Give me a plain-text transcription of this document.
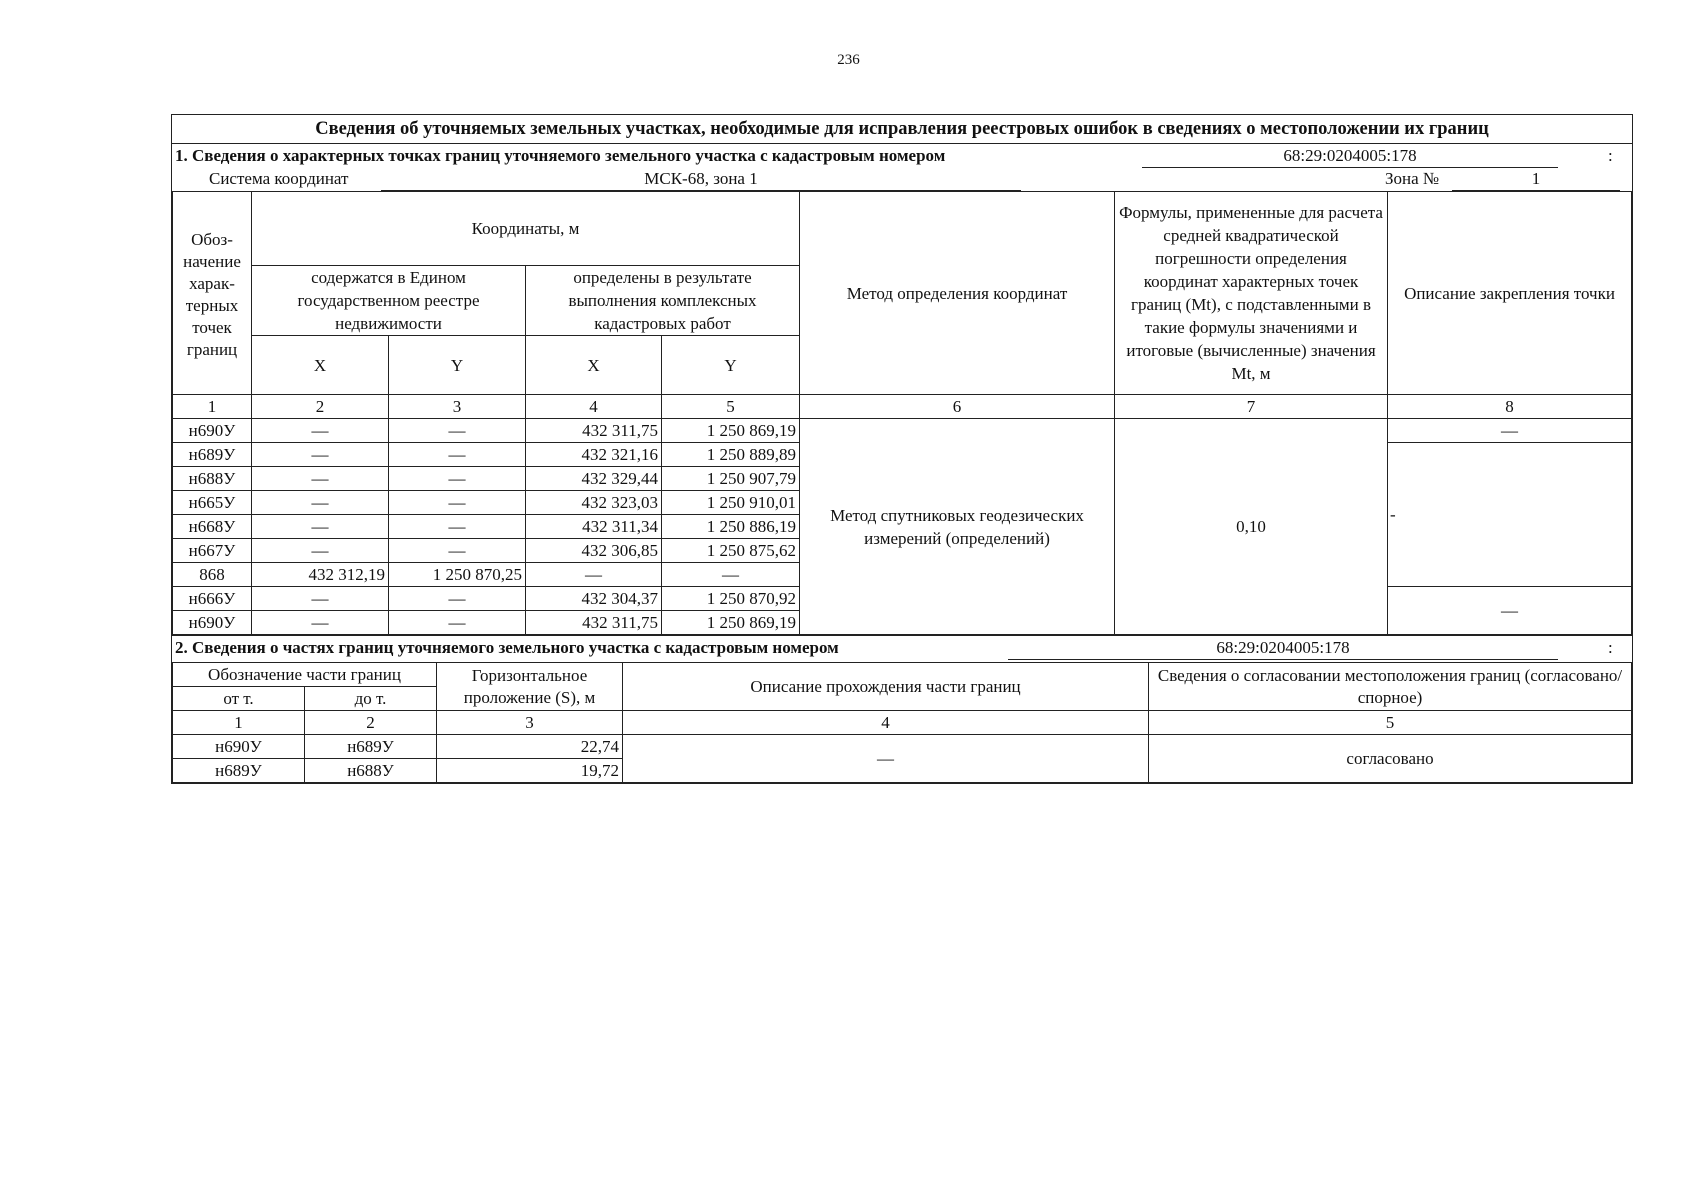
236
Сведения об уточняемых земельных участках, необходимые для исправления реестровых ошибок в сведениях о местоположении их границ
1. Сведения о характерных точках границ уточняемого земельного участка с кадастровым номером	68:29:0204005:178	:
Система координат	МСК-68, зона 1	Зона №	1
Обоз-начение харак-терных точек границ	Координаты, м				Метод определения координат	Формулы, примененные для расчета средней квадратической погрешности определения координат характерных точек границ (Mt), с подставленными в такие формулы значениями и итоговые (вычисленные) значения Mt, м	Описание закрепления точки
	содержатся в Едином государственном реестре недвижимости		определены в результате выполнения комплексных кадастровых работ				
	X	Y	X	Y			
1	2	3	4	5	6	7	8
н690У	—	—	432 311,75	1 250 869,19	Метод спутниковых геодезических измерений (определений)	0,10	—
н689У	—	—	432 321,16	1 250 889,89			-
н688У	—	—	432 329,44	1 250 907,79			
н665У	—	—	432 323,03	1 250 910,01			
н668У	—	—	432 311,34	1 250 886,19			
н667У	—	—	432 306,85	1 250 875,62			
868	432 312,19	1 250 870,25	—	—			
н666У	—	—	432 304,37	1 250 870,92			—
н690У	—	—	432 311,75	1 250 869,19			
2. Сведения о частях границ уточняемого земельного участка с кадастровым номером	68:29:0204005:178	:
Обозначение части границ		Горизонтальное проложение (S), м	Описание прохождения части границ	Сведения о согласовании местоположения границ (согласовано/спорное)
от т.	до т.			
1	2	3	4	5
н690У	н689У	22,74	—	согласовано
н689У	н688У	19,72		
